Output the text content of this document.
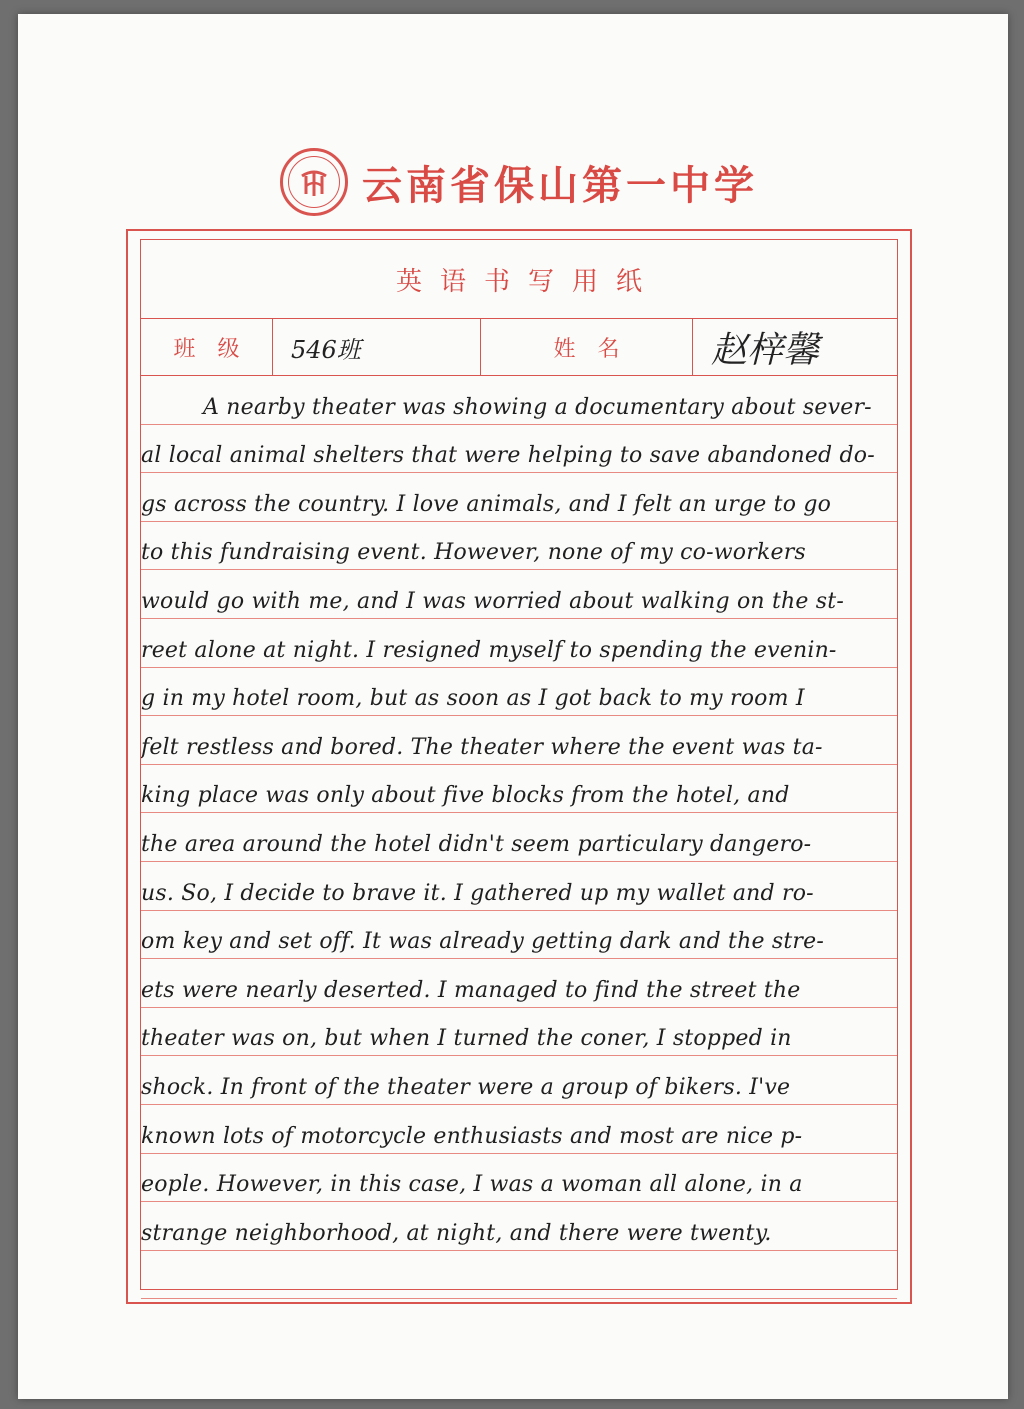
云南省保山第一中学
英语书写用纸
班级	546班	姓名	赵梓馨
A nearby theater was showing a documentary about sever-
al local animal shelters that were helping to save abandoned do-
gs across the country. I love animals, and I felt an urge to go
to this fundraising event. However, none of my co-workers
would go with me, and I was worried about walking on the st-
reet alone at night. I resigned myself to spending the evenin-
g in my hotel room, but as soon as I got back to my room I
felt restless and bored. The theater where the event was ta-
king place was only about five blocks from the hotel, and
the area around the hotel didn't seem particulary dangero-
us. So, I decide to brave it. I gathered up my wallet and ro-
om key and set off. It was already getting dark and the stre-
ets were nearly deserted. I managed to find the street the
theater was on, but when I turned the coner, I stopped in
shock. In front of the theater were a group of bikers. I've
known lots of motorcycle enthusiasts and most are nice p-
eople. However, in this case, I was a woman all alone, in a
strange neighborhood, at night, and there were twenty.
